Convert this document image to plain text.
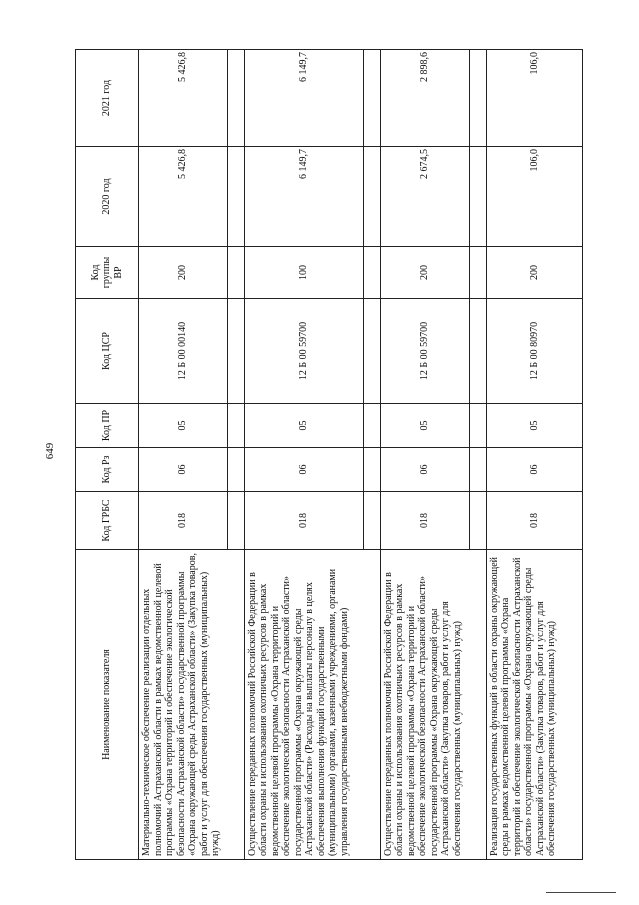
649
Наименование показателя	Код ГРБС	Код Рз	Код ПР	Код ЦСР	Код группы ВР	2020 год	2021 год
Материально-техническое обеспечение реализации отдельных полномочий Астраханской области в рамках ведомственной целевой программы «Охрана территорий и обеспечение экологической безопасности Астраханской области» государственной программы «Охрана окружающей среды Астраханской области» (Закупка товаров, работ и услуг для обеспечения государственных (муниципальных) нужд)	018	06	05	12 Б 00 00140	200	5 426,8	5 426,8

Осуществление переданных полномочий Российской Федерации в области охраны и использования охотничьих ресурсов в рамках ведомственной целевой программы «Охрана территорий и обеспечение экологической безопасности Астраханской области» государственной программы «Охрана окружающей среды Астраханской области» (Расходы на выплаты персоналу в целях обеспечения выполнения функций государственными (муниципальными) органами, казенными учреждениями, органами управления государственными внебюджетными фондами)	018	06	05	12 Б 00 59700	100	6 149,7	6 149,7

Осуществление переданных полномочий Российской Федерации в области охраны и использования охотничьих ресурсов в рамках ведомственной целевой программы «Охрана территорий и обеспечение экологической безопасности Астраханской области» государственной программы «Охрана окружающей среды Астраханской области» (Закупка товаров, работ и услуг для обеспечения государственных (муниципальных) нужд)	018	06	05	12 Б 00 59700	200	2 674,5	2 898,6

Реализация государственных функций в области охраны окружающей среды в рамках ведомственной целевой программы «Охрана территорий и обеспечение экологической безопасности Астраханской области» государственной программы «Охрана окружающей среды Астраханской области» (Закупка товаров, работ и услуг для обеспечения государственных (муниципальных) нужд)	018	06	05	12 Б 00 80970	200	106,0	106,0
